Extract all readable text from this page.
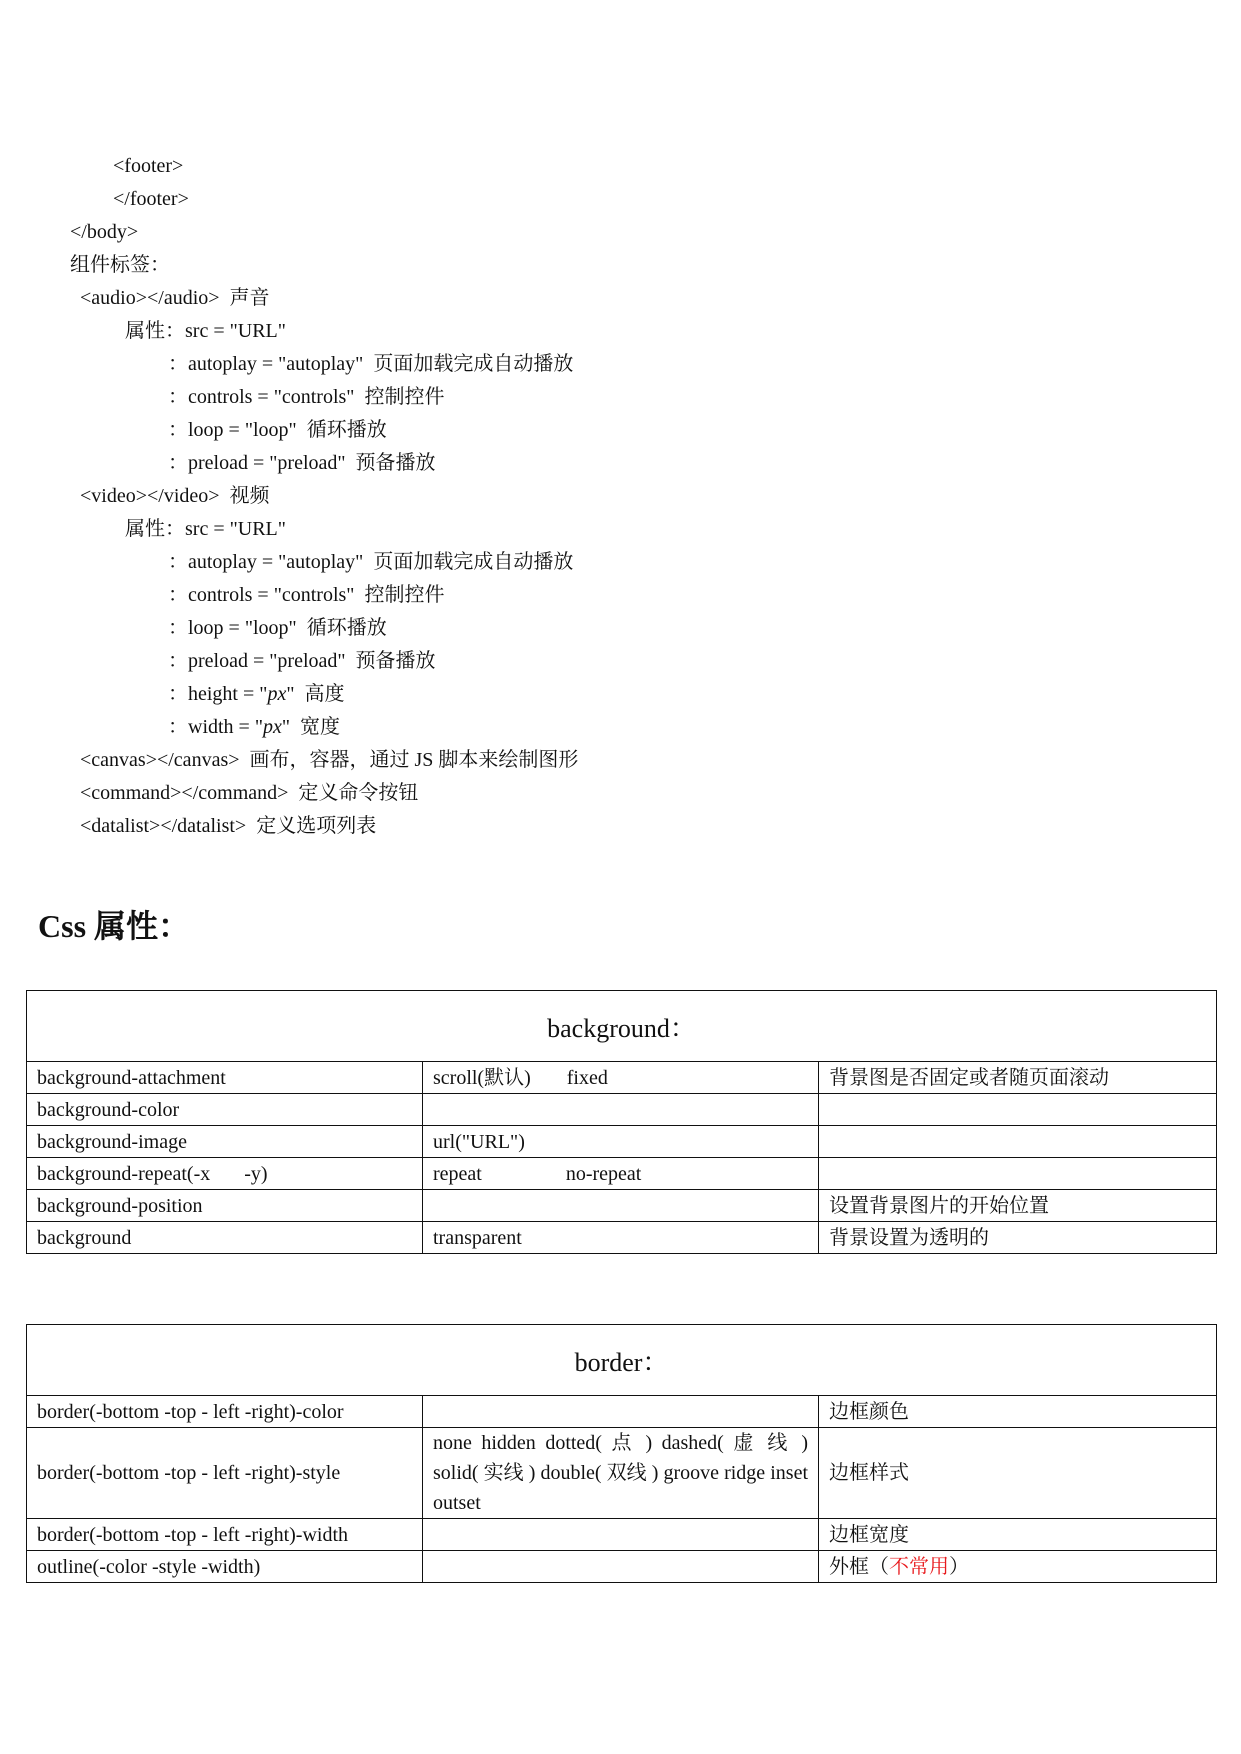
<footer>
</footer>
</body>
组件标签：
<audio></audio>  声音
属性：src = "URL"
：autoplay = "autoplay"  页面加载完成自动播放
：controls = "controls"  控制控件
：loop = "loop"  循环播放
：preload = "preload"  预备播放
<video></video>  视频
属性：src = "URL"
：autoplay = "autoplay"  页面加载完成自动播放
：controls = "controls"  控制控件
：loop = "loop"  循环播放
：preload = "preload"  预备播放
：height = "px"  高度
：width = "px"  宽度
<canvas></canvas>  画布，容器，通过 JS 脚本来绘制图形
<command></command>  定义命令按钮
<datalist></datalist>  定义选项列表
Css 属性：
background：		
background-attachment	scroll(默认) fixed	背景图是否固定或者随页面滚动
background-color		
background-image	url("URL")	
background-repeat(-x -y)	repeat no-repeat	
background-position		设置背景图片的开始位置
background	transparent	背景设置为透明的
border：		
border(-bottom -top - left -right)-color		边框颜色
border(-bottom -top - left -right)-style	none hidden dotted( 点 ) dashed( 虚 线 ) solid( 实线 ) double( 双线 ) groove ridge inset outset	边框样式
border(-bottom -top - left -right)-width		边框宽度
outline(-color -style -width)		外框（不常用）
